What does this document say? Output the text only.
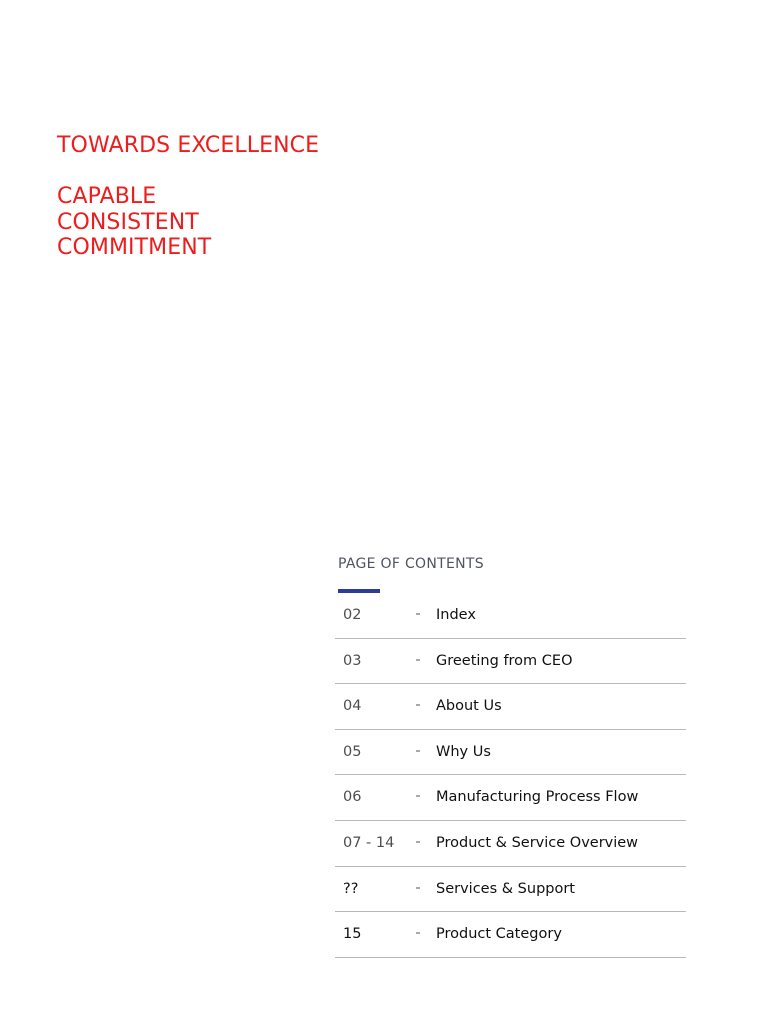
TOWARDS EXCELLENCE
CAPABLE
CONSISTENT
COMMITMENT
PAGE OF CONTENTS
02	Index
03	Greeting from CEO
04	About Us
05	Why Us
06	Manufacturing Process Flow
07 - 14	Product & Service Overview
??	Services & Support
15	Product Category
